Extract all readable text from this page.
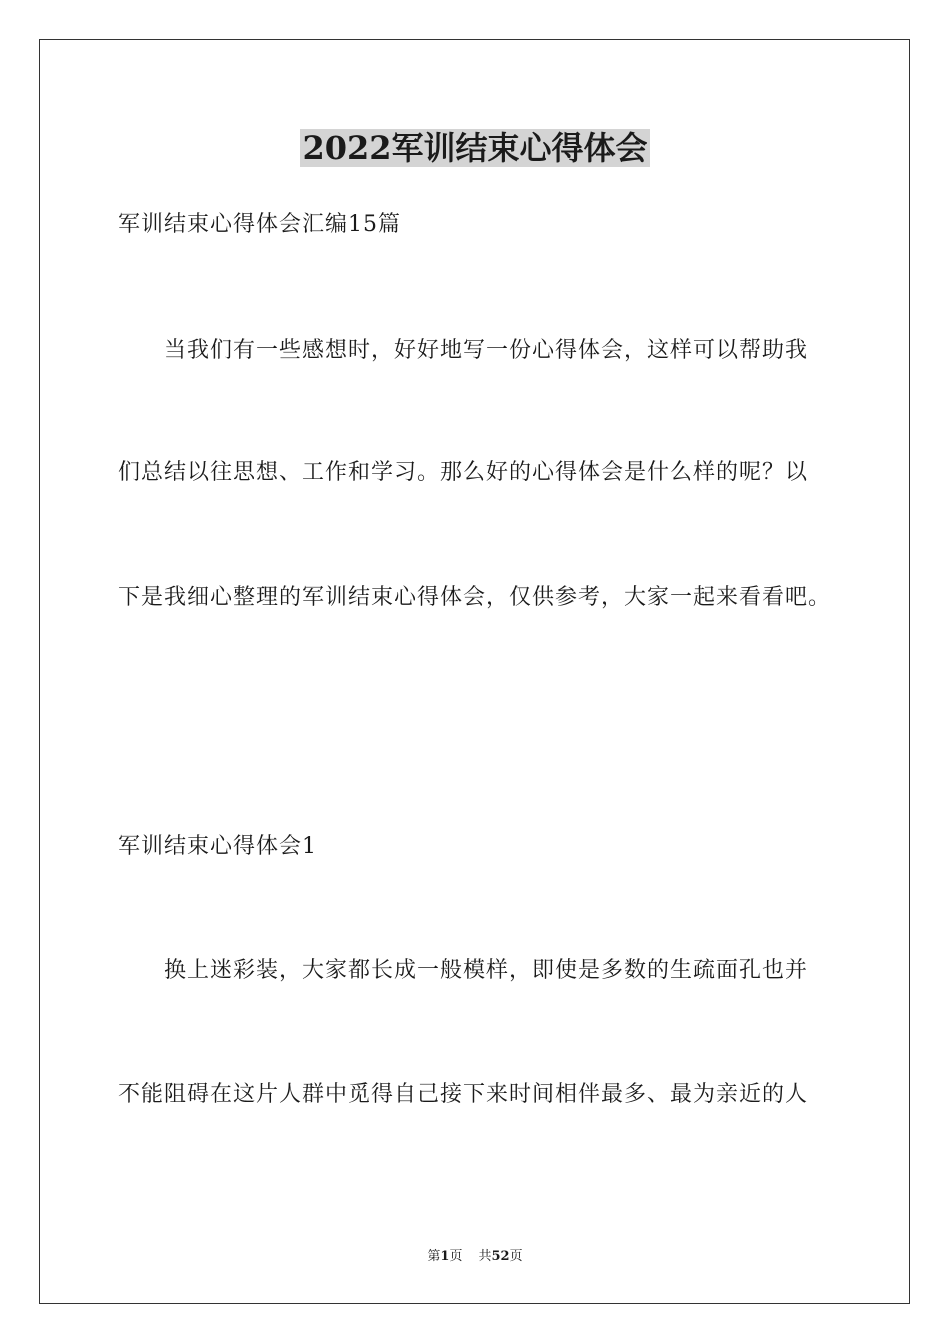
2022军训结束心得体会
军训结束心得体会汇编15篇
当我们有一些感想时，好好地写一份心得体会，这样可以帮助我
们总结以往思想、工作和学习。那么好的心得体会是什么样的呢？以
下是我细心整理的军训结束心得体会，仅供参考，大家一起来看看吧。
军训结束心得体会1
换上迷彩装，大家都长成一般模样，即使是多数的生疏面孔也并
不能阻碍在这片人群中觅得自己接下来时间相伴最多、最为亲近的人
第1页 共52页
